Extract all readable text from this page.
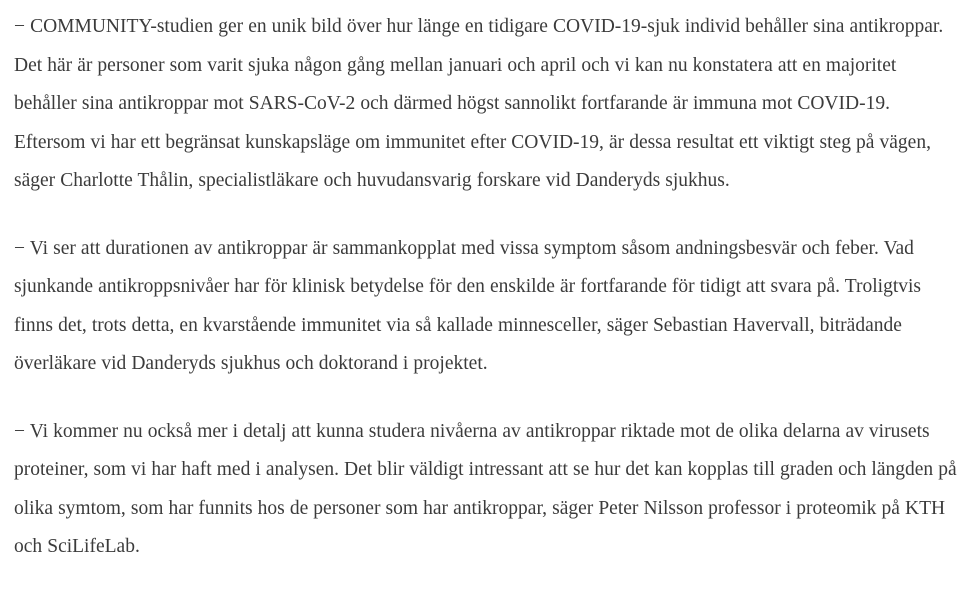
− COMMUNITY-studien ger en unik bild över hur länge en tidigare COVID-19-sjuk individ behåller sina antikroppar. Det här är personer som varit sjuka någon gång mellan januari och april och vi kan nu konstatera att en majoritet behåller sina antikroppar mot SARS-CoV-2 och därmed högst sannolikt fortfarande är immuna mot COVID-19. Eftersom vi har ett begränsat kunskapsläge om immunitet efter COVID-19, är dessa resultat ett viktigt steg på vägen, säger Charlotte Thålin, specialistläkare och huvudansvarig forskare vid Danderyds sjukhus.

− Vi ser att durationen av antikroppar är sammankopplat med vissa symptom såsom andningsbesvär och feber. Vad sjunkande antikroppsnivåer har för klinisk betydelse för den enskilde är fortfarande för tidigt att svara på. Troligtvis finns det, trots detta, en kvarstående immunitet via så kallade minnesceller, säger Sebastian Havervall, biträdande överläkare vid Danderyds sjukhus och doktorand i projektet.

− Vi kommer nu också mer i detalj att kunna studera nivåerna av antikroppar riktade mot de olika delarna av virusets proteiner, som vi har haft med i analysen. Det blir väldigt intressant att se hur det kan kopplas till graden och längden på olika symtom, som har funnits hos de personer som har antikroppar, säger Peter Nilsson professor i proteomik på KTH och SciLifeLab.
